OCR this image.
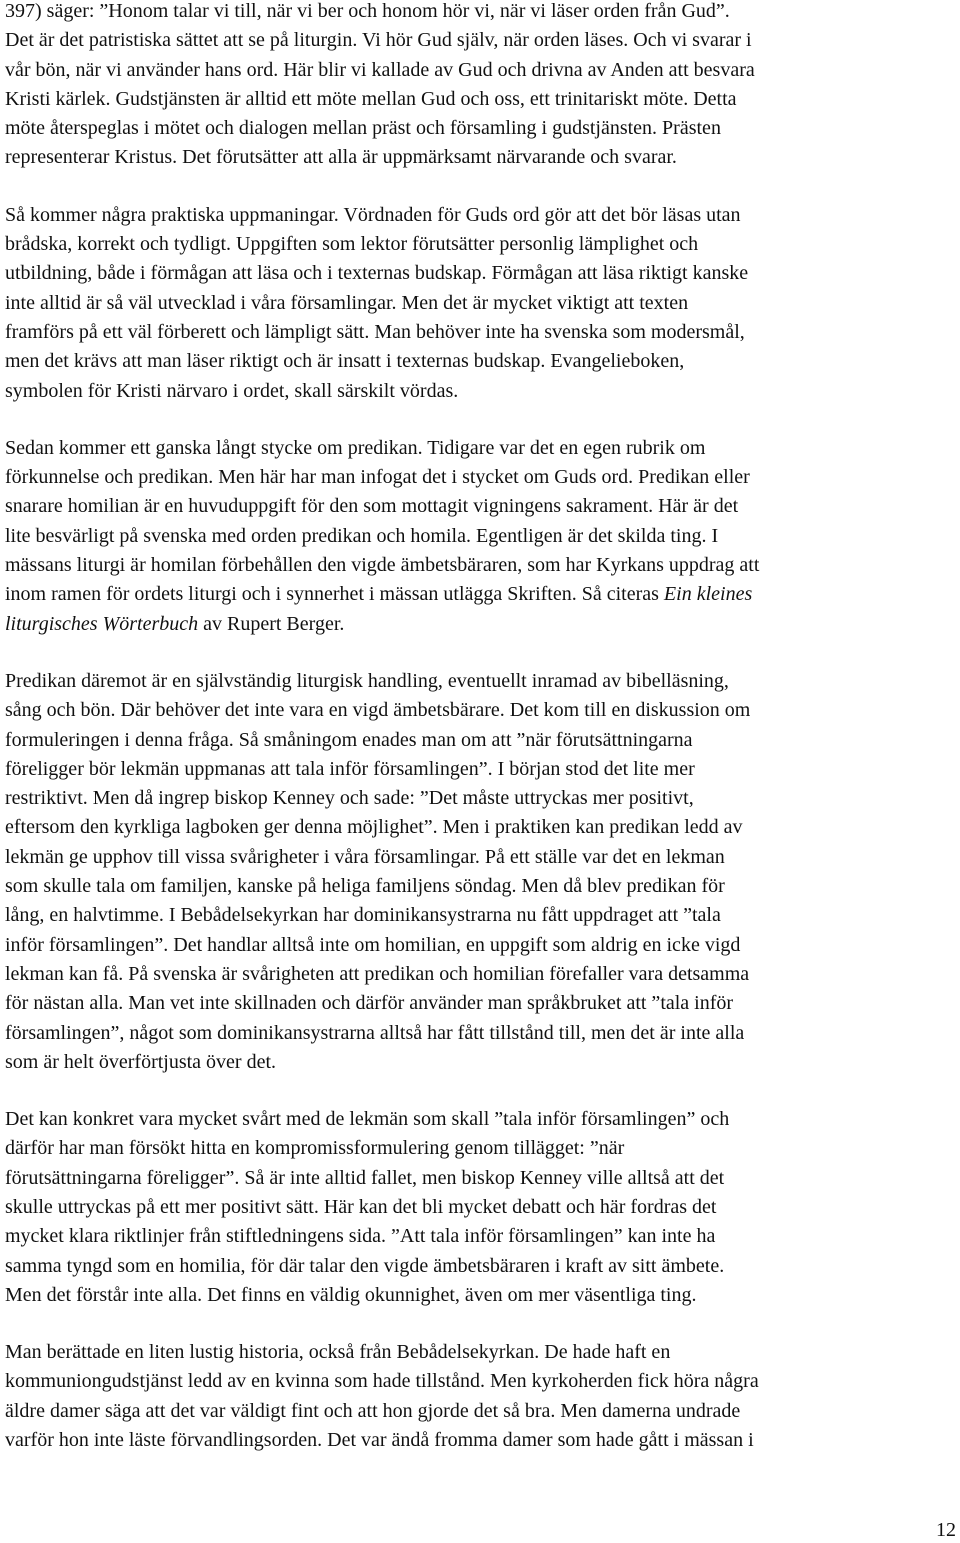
397) säger: ”Honom talar vi till, när vi ber och honom hör vi, när vi läser orden från Gud”.
Det är det patristiska sättet att se på liturgin. Vi hör Gud själv, när orden läses. Och vi svarar i
vår bön, när vi använder hans ord. Här blir vi kallade av Gud och drivna av Anden att besvara
Kristi kärlek. Gudstjänsten är alltid ett möte mellan Gud och oss, ett trinitariskt möte. Detta
möte återspeglas i mötet och dialogen mellan präst och församling i gudstjänsten. Prästen
representerar Kristus. Det förutsätter att alla är uppmärksamt närvarande och svarar.
Så kommer några praktiska uppmaningar. Vördnaden för Guds ord gör att det bör läsas utan
brådska, korrekt och tydligt. Uppgiften som lektor förutsätter personlig lämplighet och
utbildning, både i förmågan att läsa och i texternas budskap. Förmågan att läsa riktigt kanske
inte alltid är så väl utvecklad i våra församlingar. Men det är mycket viktigt att texten
framförs på ett väl förberett och lämpligt sätt. Man behöver inte ha svenska som modersmål,
men det krävs att man läser riktigt och är insatt i texternas budskap. Evangelieboken,
symbolen för Kristi närvaro i ordet, skall särskilt vördas.
Sedan kommer ett ganska långt stycke om predikan. Tidigare var det en egen rubrik om
förkunnelse och predikan. Men här har man infogat det i stycket om Guds ord. Predikan eller
snarare homilian är en huvuduppgift för den som mottagit vigningens sakrament. Här är det
lite besvärligt på svenska med orden predikan och homila. Egentligen är det skilda ting. I
mässans liturgi är homilan förbehållen den vigde ämbetsbäraren, som har Kyrkans uppdrag att
inom ramen för ordets liturgi och i synnerhet i mässan utlägga Skriften. Så citeras Ein kleines
liturgisches Wörterbuch av Rupert Berger.
Predikan däremot är en självständig liturgisk handling, eventuellt inramad av bibelläsning,
sång och bön. Där behöver det inte vara en vigd ämbetsbärare. Det kom till en diskussion om
formuleringen i denna fråga. Så småningom enades man om att ”när förutsättningarna
föreligger bör lekmän uppmanas att tala inför församlingen”. I början stod det lite mer
restriktivt. Men då ingrep biskop Kenney och sade: ”Det måste uttryckas mer positivt,
eftersom den kyrkliga lagboken ger denna möjlighet”. Men i praktiken kan predikan ledd av
lekmän ge upphov till vissa svårigheter i våra församlingar. På ett ställe var det en lekman
som skulle tala om familjen, kanske på heliga familjens söndag. Men då blev predikan för
lång, en halvtimme. I Bebådelsekyrkan har dominikansystrarna nu fått uppdraget att ”tala
inför församlingen”. Det handlar alltså inte om homilian, en uppgift som aldrig en icke vigd
lekman kan få. På svenska är svårigheten att predikan och homilian förefaller vara detsamma
för nästan alla. Man vet inte skillnaden och därför använder man språkbruket att ”tala inför
församlingen”, något som dominikansystrarna alltså har fått tillstånd till, men det är inte alla
som är helt överförtjusta över det.
Det kan konkret vara mycket svårt med de lekmän som skall ”tala inför församlingen” och
därför har man försökt hitta en kompromissformulering genom tillägget: ”när
förutsättningarna föreligger”. Så är inte alltid fallet, men biskop Kenney ville alltså att det
skulle uttryckas på ett mer positivt sätt. Här kan det bli mycket debatt och här fordras det
mycket klara riktlinjer från stiftledningens sida. ”Att tala inför församlingen” kan inte ha
samma tyngd som en homilia, för där talar den vigde ämbetsbäraren i kraft av sitt ämbete.
Men det förstår inte alla. Det finns en väldig okunnighet, även om mer väsentliga ting.
Man berättade en liten lustig historia, också från Bebådelsekyrkan. De hade haft en
kommuniongudstjänst ledd av en kvinna som hade tillstånd. Men kyrkoherden fick höra några
äldre damer säga att det var väldigt fint och att hon gjorde det så bra. Men damerna undrade
varför hon inte läste förvandlingsorden. Det var ändå fromma damer som hade gått i mässan i
12
